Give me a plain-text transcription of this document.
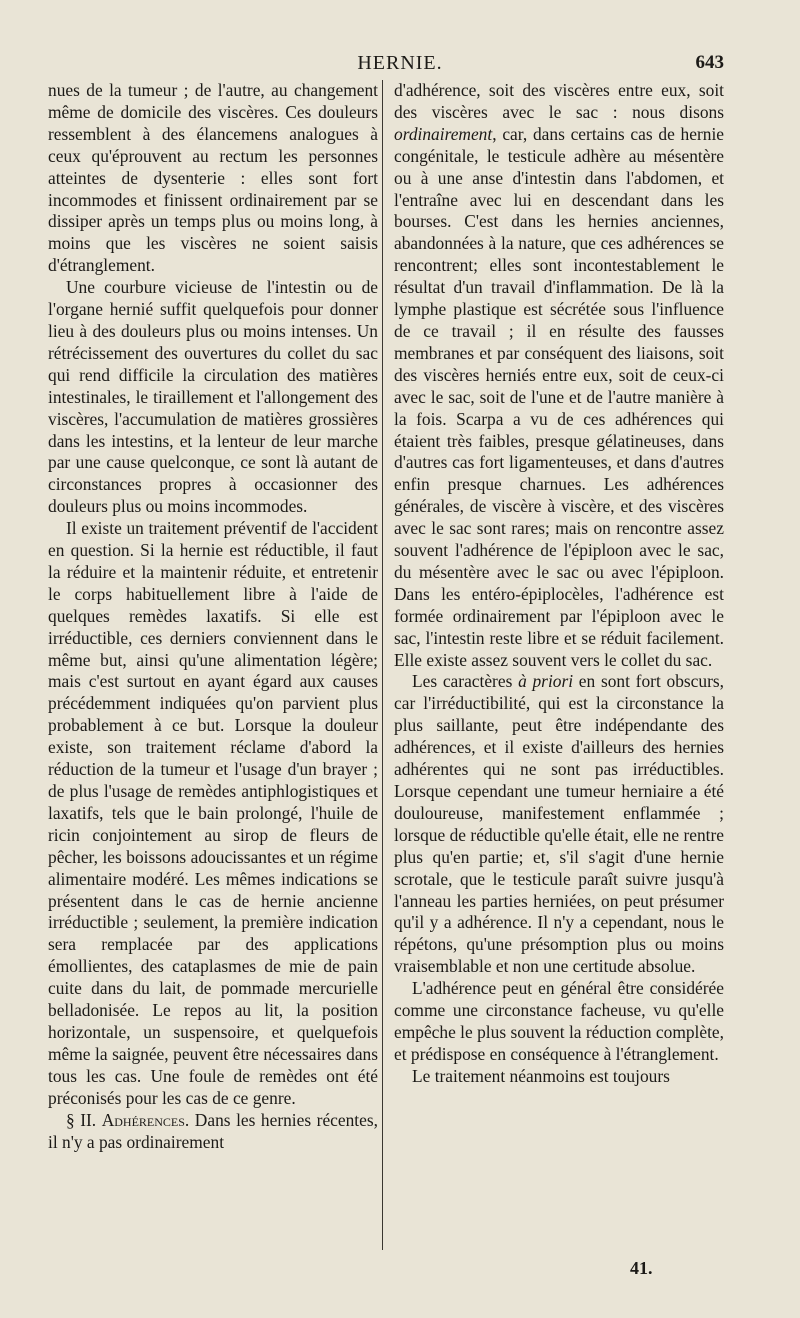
HERNIE.	643

nues de la tumeur ; de l'autre, au changement même de domicile des viscères. Ces douleurs ressemblent à des élancemens analogues à ceux qu'éprouvent au rectum les personnes atteintes de dysenterie : elles sont fort incommodes et finissent ordinairement par se dissiper après un temps plus ou moins long, à moins que les viscères ne soient saisis d'étranglement.

Une courbure vicieuse de l'intestin ou de l'organe hernié suffit quelquefois pour donner lieu à des douleurs plus ou moins intenses. Un rétrécissement des ouvertures du collet du sac qui rend difficile la circulation des matières intestinales, le tiraillement et l'allongement des viscères, l'accumulation de matières grossières dans les intestins, et la lenteur de leur marche par une cause quelconque, ce sont là autant de circonstances propres à occasionner des douleurs plus ou moins incommodes.

Il existe un traitement préventif de l'accident en question. Si la hernie est réductible, il faut la réduire et la maintenir réduite, et entretenir le corps habituellement libre à l'aide de quelques remèdes laxatifs. Si elle est irréductible, ces derniers conviennent dans le même but, ainsi qu'une alimentation légère; mais c'est surtout en ayant égard aux causes précédemment indiquées qu'on parvient plus probablement à ce but. Lorsque la douleur existe, son traitement réclame d'abord la réduction de la tumeur et l'usage d'un brayer ; de plus l'usage de remèdes antiphlogistiques et laxatifs, tels que le bain prolongé, l'huile de ricin conjointement au sirop de fleurs de pêcher, les boissons adoucissantes et un régime alimentaire modéré. Les mêmes indications se présentent dans le cas de hernie ancienne irréductible ; seulement, la première indication sera remplacée par des applications émollientes, des cataplasmes de mie de pain cuite dans du lait, de pommade mercurielle belladonisée. Le repos au lit, la position horizontale, un suspensoire, et quelquefois même la saignée, peuvent être nécessaires dans tous les cas. Une foule de remèdes ont été préconisés pour les cas de ce genre.

§ II. Adhérences. Dans les hernies récentes, il n'y a pas ordinairement

d'adhérence, soit des viscères entre eux, soit des viscères avec le sac : nous disons ordinairement, car, dans certains cas de hernie congénitale, le testicule adhère au mésentère ou à une anse d'intestin dans l'abdomen, et l'entraîne avec lui en descendant dans les bourses. C'est dans les hernies anciennes, abandonnées à la nature, que ces adhérences se rencontrent; elles sont incontestablement le résultat d'un travail d'inflammation. De là la lymphe plastique est sécrétée sous l'influence de ce travail ; il en résulte des fausses membranes et par conséquent des liaisons, soit des viscères herniés entre eux, soit de ceux-ci avec le sac, soit de l'une et de l'autre manière à la fois. Scarpa a vu de ces adhérences qui étaient très faibles, presque gélatineuses, dans d'autres cas fort ligamenteuses, et dans d'autres enfin presque charnues. Les adhérences générales, de viscère à viscère, et des viscères avec le sac sont rares; mais on rencontre assez souvent l'adhérence de l'épiploon avec le sac, du mésentère avec le sac ou avec l'épiploon. Dans les entéro-épiplocèles, l'adhérence est formée ordinairement par l'épiploon avec le sac, l'intestin reste libre et se réduit facilement. Elle existe assez souvent vers le collet du sac.

Les caractères à priori en sont fort obscurs, car l'irréductibilité, qui est la circonstance la plus saillante, peut être indépendante des adhérences, et il existe d'ailleurs des hernies adhérentes qui ne sont pas irréductibles. Lorsque cependant une tumeur herniaire a été douloureuse, manifestement enflammée ; lorsque de réductible qu'elle était, elle ne rentre plus qu'en partie; et, s'il s'agit d'une hernie scrotale, que le testicule paraît suivre jusqu'à l'anneau les parties herniées, on peut présumer qu'il y a adhérence. Il n'y a cependant, nous le répétons, qu'une présomption plus ou moins vraisemblable et non une certitude absolue.

L'adhérence peut en général être considérée comme une circonstance facheuse, vu qu'elle empêche le plus souvent la réduction complète, et prédispose en conséquence à l'étranglement.

Le traitement néanmoins est toujours

41.
